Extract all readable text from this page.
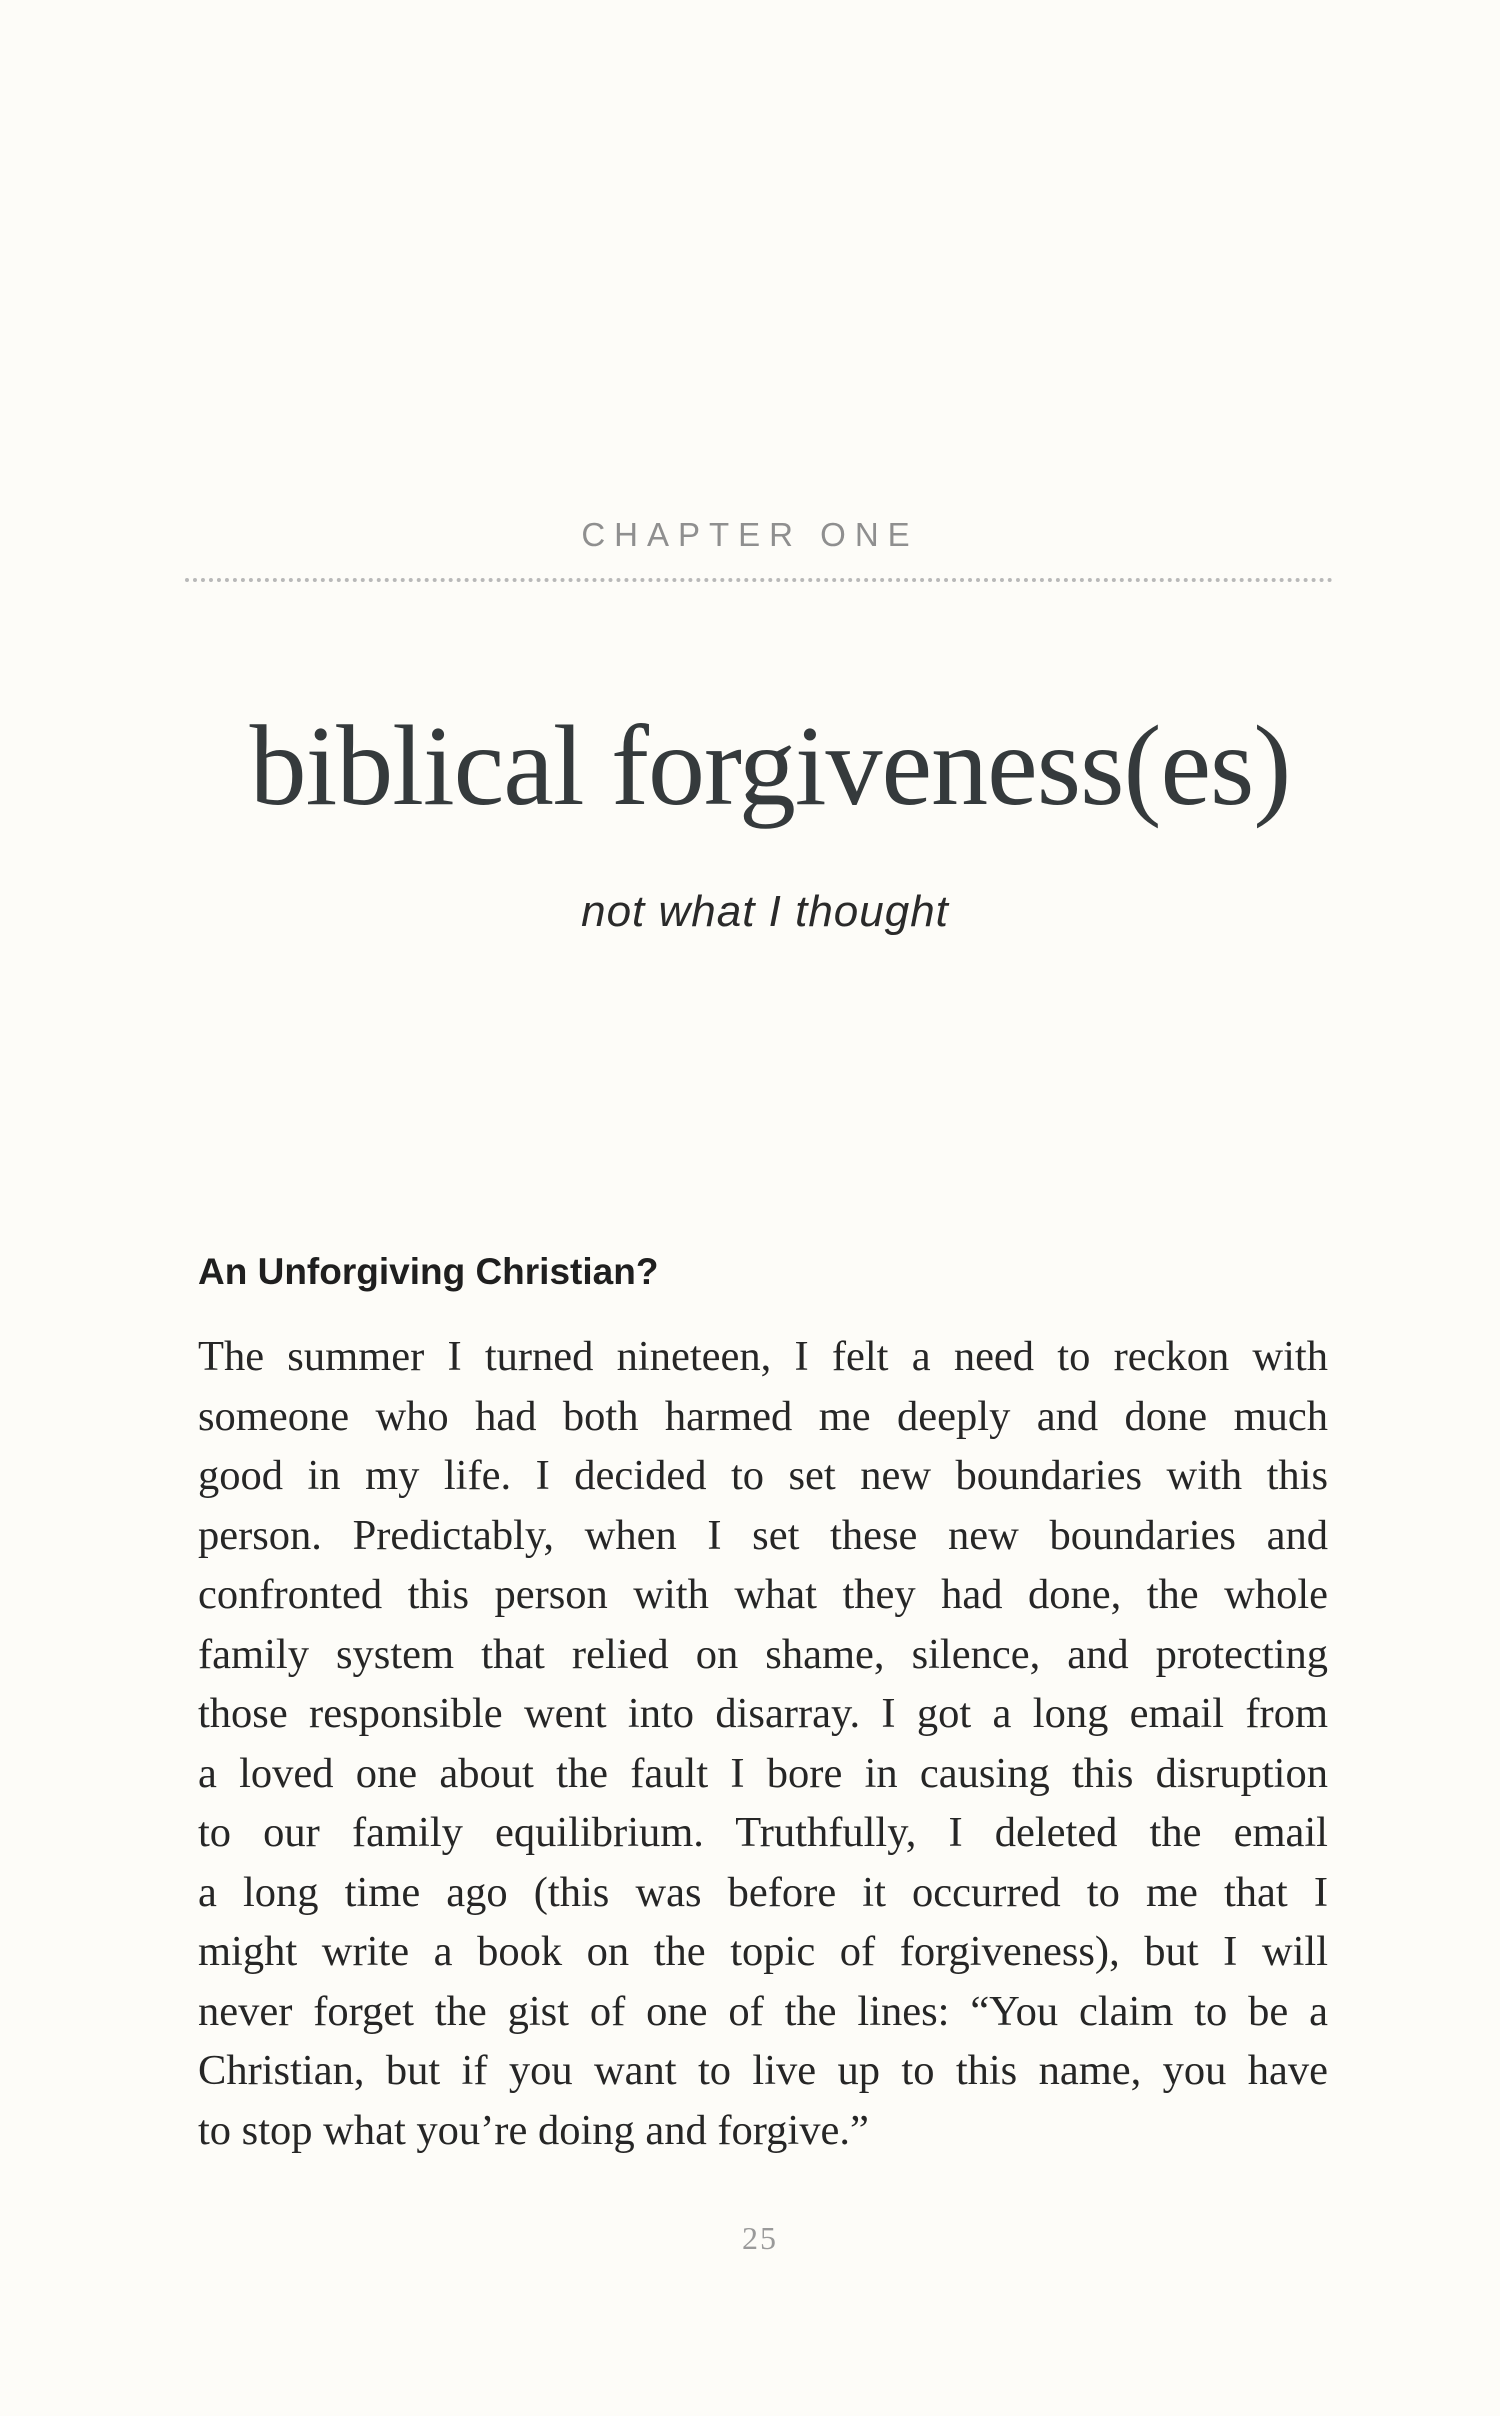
CHAPTER ONE
biblical forgiveness(es)
not what I thought
An Unforgiving Christian?

The summer I turned nineteen, I felt a need to reckon with
someone who had both harmed me deeply and done much
good in my life. I decided to set new boundaries with this
person. Predictably, when I set these new boundaries and
confronted this person with what they had done, the whole
family system that relied on shame, silence, and protecting
those responsible went into disarray. I got a long email from
a loved one about the fault I bore in causing this disruption
to our family equilibrium. Truthfully, I deleted the email
a long time ago (this was before it occurred to me that I
might write a book on the topic of forgiveness), but I will
never forget the gist of one of the lines: “You claim to be a
Christian, but if you want to live up to this name, you have
to stop what you’re doing and forgive.”

25
